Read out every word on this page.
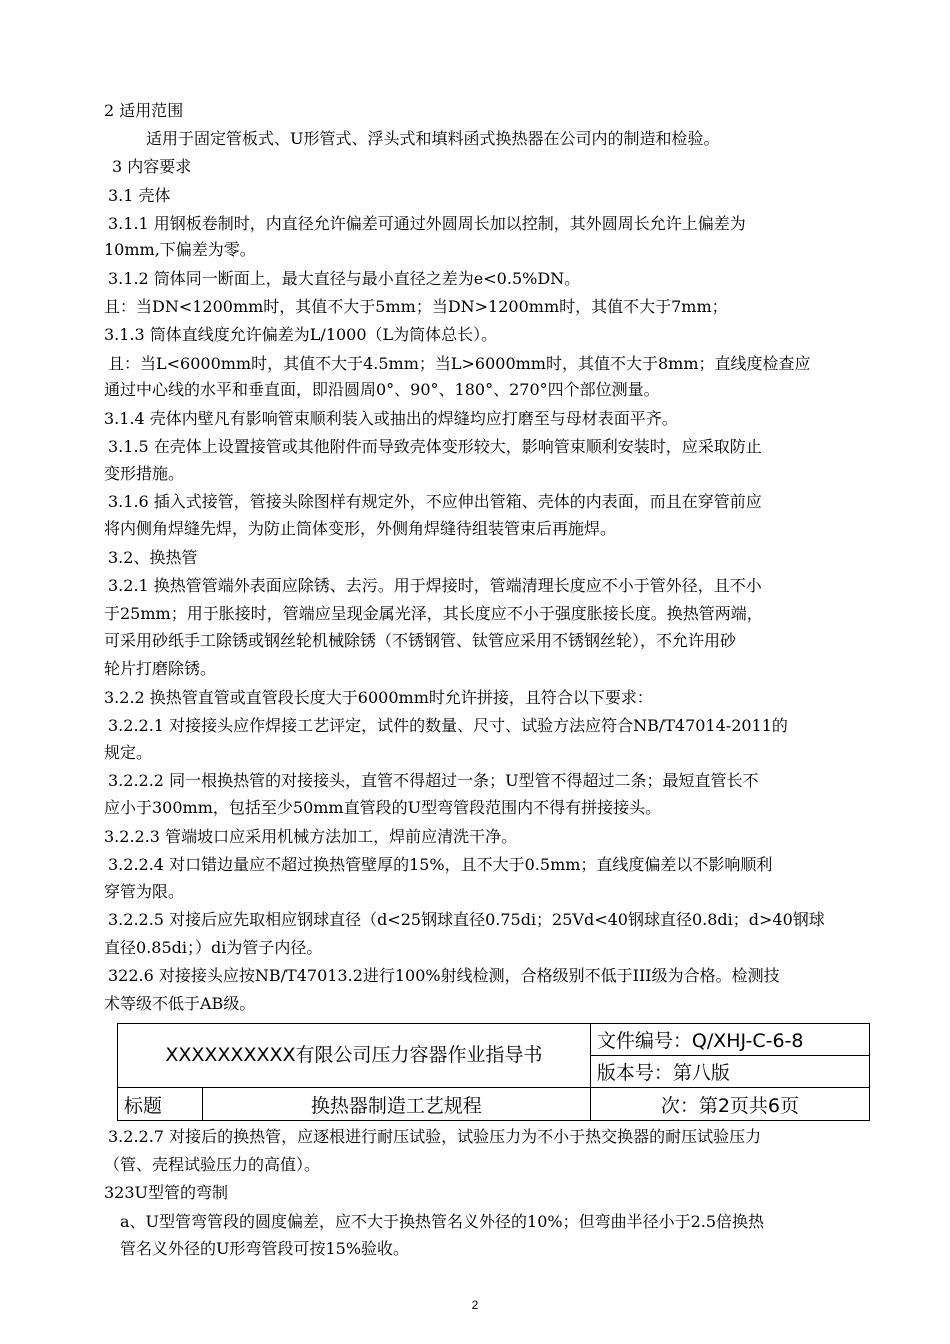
2 适用范围
适用于固定管板式、U形管式、浮头式和填料函式换热器在公司内的制造和检验。
3 内容要求
3.1 壳体
3.1.1 用钢板卷制时，内直径允许偏差可通过外圆周长加以控制，其外圆周长允许上偏差为
10mm,下偏差为零。
3.1.2 筒体同一断面上，最大直径与最小直径之差为e<0.5%DN。
且：当DN<1200mm时，其值不大于5mm；当DN>1200mm时，其值不大于7mm；
3.1.3 筒体直线度允许偏差为L/1000（L为筒体总长）。
且：当L<6000mm时，其值不大于4.5mm；当L>6000mm时，其值不大于8mm；直线度检查应
通过中心线的水平和垂直面，即沿圆周0°、90°、180°、270°四个部位测量。
3.1.4 壳体内壁凡有影响管束顺利装入或抽出的焊缝均应打磨至与母材表面平齐。
3.1.5 在壳体上设置接管或其他附件而导致壳体变形较大，影响管束顺利安装时，应采取防止
变形措施。
3.1.6 插入式接管，管接头除图样有规定外，不应伸出管箱、壳体的内表面，而且在穿管前应
将内侧角焊缝先焊，为防止筒体变形，外侧角焊缝待组装管束后再施焊。
3.2、换热管
3.2.1 换热管管端外表面应除锈、去污。用于焊接时，管端清理长度应不小于管外径，且不小
于25mm；用于胀接时，管端应呈现金属光泽，其长度应不小于强度胀接长度。换热管两端，
可采用砂纸手工除锈或钢丝轮机械除锈（不锈钢管、钛管应采用不锈钢丝轮），不允许用砂
轮片打磨除锈。
3.2.2 换热管直管或直管段长度大于6000mm时允许拼接，且符合以下要求：
3.2.2.1 对接接头应作焊接工艺评定，试件的数量、尺寸、试验方法应符合NB/T47014-2011的
规定。
3.2.2.2 同一根换热管的对接接头，直管不得超过一条；U型管不得超过二条；最短直管长不
应小于300mm，包括至少50mm直管段的U型弯管段范围内不得有拼接接头。
3.2.2.3 管端坡口应采用机械方法加工，焊前应清洗干净。
3.2.2.4 对口错边量应不超过换热管壁厚的15%，且不大于0.5mm；直线度偏差以不影响顺利
穿管为限。
3.2.2.5 对接后应先取相应钢球直径（d<25钢球直径0.75di；25Vd<40钢球直径0.8di；d>40钢球
直径0.85di；）di为管子内径。
322.6 对接接头应按NB/T47013.2进行100%射线检测，合格级别不低于III级为合格。检测技
术等级不低于AB级。
XXXXXXXXXX有限公司压力容器作业指导书		文件编号：Q/XHJ-C-6-8
		版本号：第八版
标题	换热器制造工艺规程	次：第2页共6页
3.2.2.7 对接后的换热管，应逐根进行耐压试验，试验压力为不小于热交换器的耐压试验压力
（管、壳程试验压力的高值）。
323U型管的弯制
a、U型管弯管段的圆度偏差，应不大于换热管名义外径的10%；但弯曲半径小于2.5倍换热
管名义外径的U形弯管段可按15%验收。
2
